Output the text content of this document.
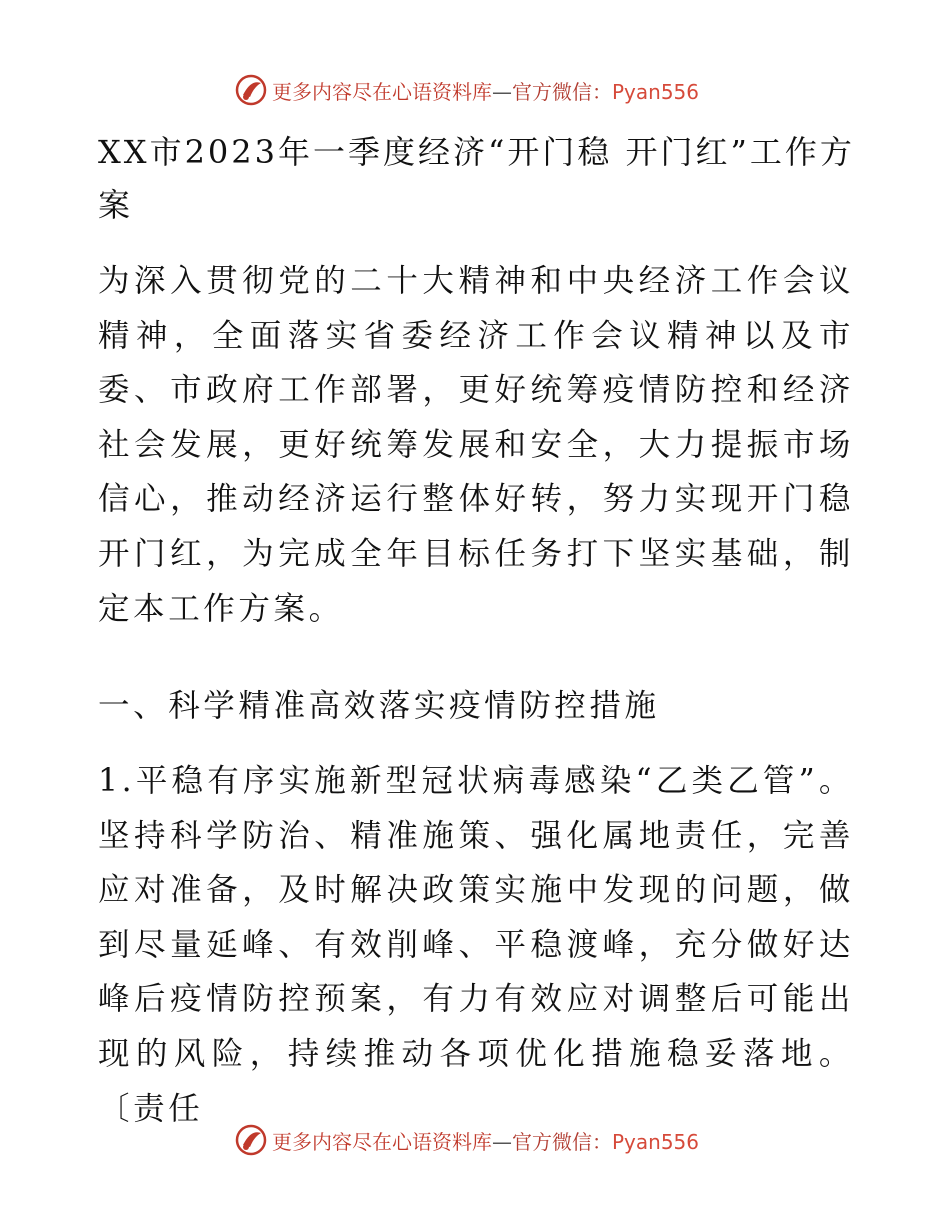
更多内容尽在心语资料库—官方微信：Pyan556
XX市2023年一季度经济“开门稳 开门红”工作方案
为深入贯彻党的二十大精神和中央经济工作会议精神，全面落实省委经济工作会议精神以及市委、市政府工作部署，更好统筹疫情防控和经济社会发展，更好统筹发展和安全，大力提振市场信心，推动经济运行整体好转，努力实现开门稳开门红，为完成全年目标任务打下坚实基础，制定本工作方案。
一、科学精准高效落实疫情防控措施
1.平稳有序实施新型冠状病毒感染“乙类乙管”。坚持科学防治、精准施策、强化属地责任，完善应对准备，及时解决政策实施中发现的问题，做到尽量延峰、有效削峰、平稳渡峰，充分做好达峰后疫情防控预案，有力有效应对调整后可能出现的风险，持续推动各项优化措施稳妥落地。〔责任
更多内容尽在心语资料库—官方微信：Pyan556
